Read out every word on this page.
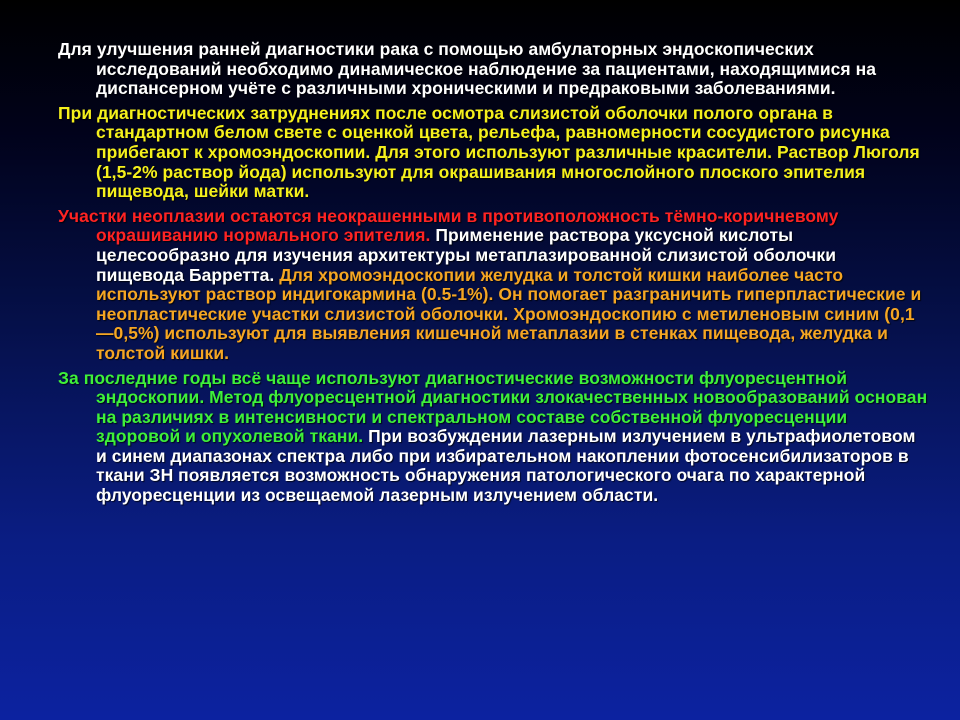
Для улучшения ранней диагностики рака с помощью амбулаторных эндоскопических исследований необходимо динамическое наблюдение за пациентами, находящимися на диспансерном учёте с различными хроническими и предраковыми заболеваниями.

При диагностических затруднениях после осмотра слизистой оболочки полого органа в стандартном белом свете с оценкой цвета, рельефа, равномерности сосудистого рисунка прибегают к хромоэндоскопии. Для этого используют различные красители. Раствор Люголя (1,5-2% раствор йода) используют для окрашивания многослойного плоского эпителия пищевода, шейки матки.

Участки неоплазии остаются неокрашенными в противоположность тёмно-коричневому окрашиванию нормального эпителия. Применение раствора уксусной кислоты целесообразно для изучения архитектуры метаплазированной слизистой оболочки пищевода Барретта. Для хромоэндоскопии желудка и толстой кишки наиболее часто используют раствор индигокармина (0.5-1%). Он помогает разграничить гиперпластические и неопластические участки слизистой оболочки. Хромоэндоскопию с метиленовым синим (0,1—0,5%) используют для выявления кишечной метаплазии в стенках пищевода, желудка и толстой кишки.

За последние годы всё чаще используют диагностические возможности флуоресцентной эндоскопии. Метод флуоресцентной диагностики злокачественных новообразований основан на различиях в интенсивности и спектральном составе собственной флуоресценции здоровой и опухолевой ткани. При возбуждении лазерным излучением в ультрафиолетовом и синем диапазонах спектра либо при избирательном накоплении фотосенсибилизаторов в ткани ЗН появляется возможность обнаружения патологического очага по характерной флуоресценции из освещаемой лазерным излучением области.
